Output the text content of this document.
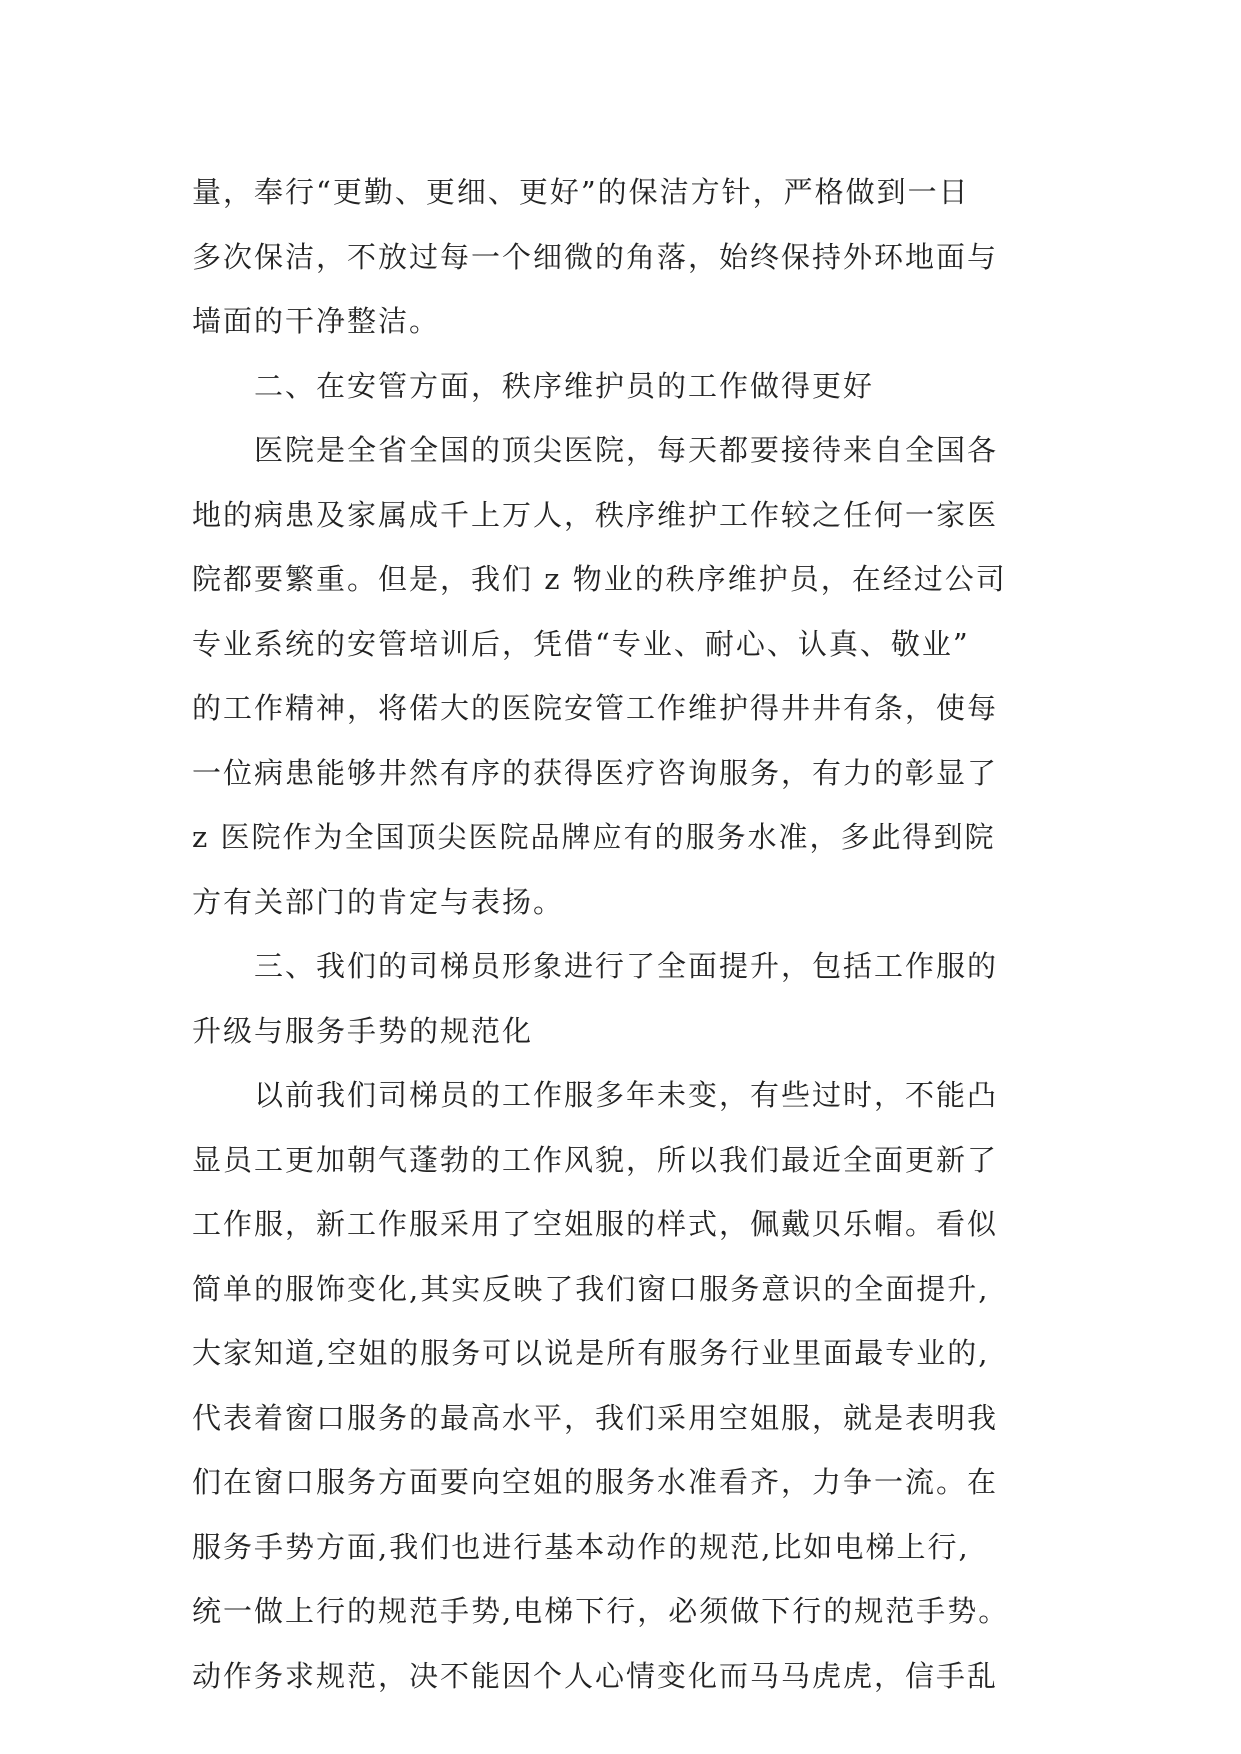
量，奉行“更勤、更细、更好”的保洁方针，严格做到一日
多次保洁，不放过每一个细微的角落，始终保持外环地面与
墙面的干净整洁。
二、在安管方面，秩序维护员的工作做得更好
医院是全省全国的顶尖医院，每天都要接待来自全国各
地的病患及家属成千上万人，秩序维护工作较之任何一家医
院都要繁重。但是，我们 z 物业的秩序维护员，在经过公司
专业系统的安管培训后，凭借“专业、耐心、认真、敬业”
的工作精神，将偌大的医院安管工作维护得井井有条，使每
一位病患能够井然有序的获得医疗咨询服务，有力的彰显了
z 医院作为全国顶尖医院品牌应有的服务水准，多此得到院
方有关部门的肯定与表扬。
三、我们的司梯员形象进行了全面提升，包括工作服的
升级与服务手势的规范化
以前我们司梯员的工作服多年未变，有些过时，不能凸
显员工更加朝气蓬勃的工作风貌，所以我们最近全面更新了
工作服，新工作服采用了空姐服的样式，佩戴贝乐帽。看似
简单的服饰变化,其实反映了我们窗口服务意识的全面提升,
大家知道,空姐的服务可以说是所有服务行业里面最专业的,
代表着窗口服务的最高水平，我们采用空姐服，就是表明我
们在窗口服务方面要向空姐的服务水准看齐，力争一流。在
服务手势方面,我们也进行基本动作的规范,比如电梯上行,
统一做上行的规范手势,电梯下行，必须做下行的规范手势。
动作务求规范，决不能因个人心情变化而马马虎虎，信手乱
